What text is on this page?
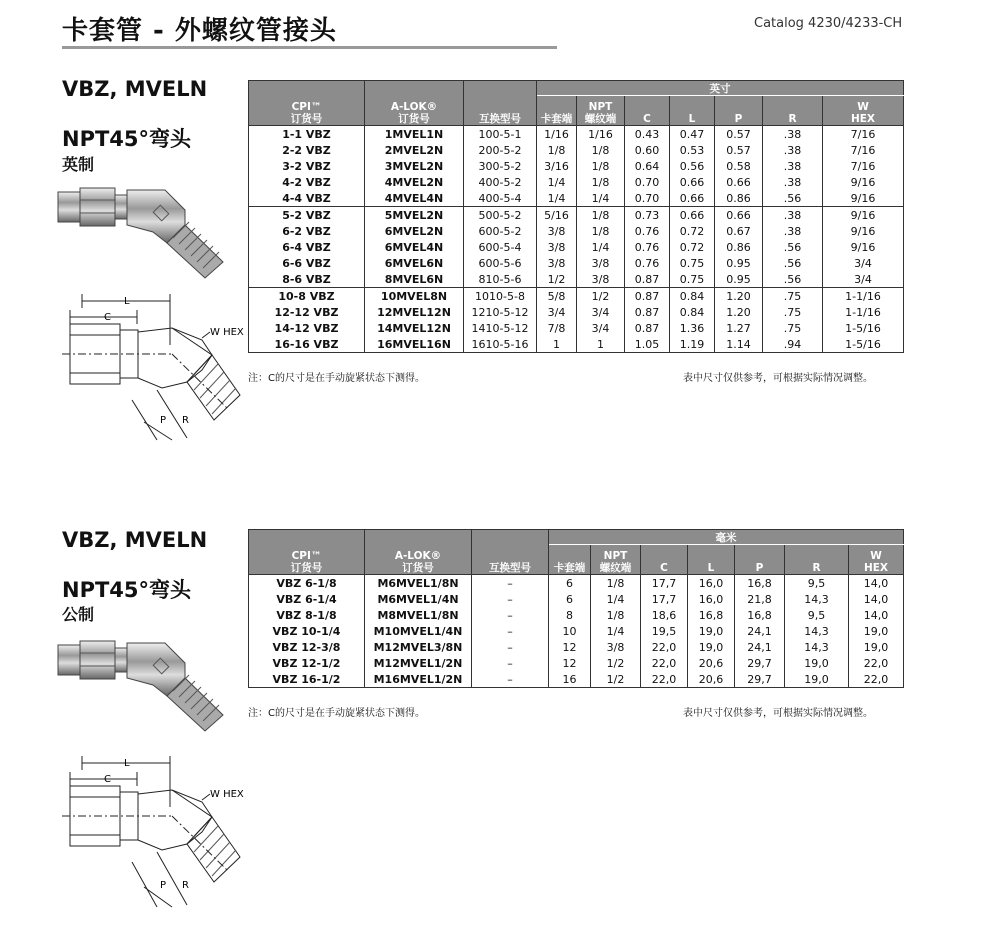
卡套管 - 外螺纹管接头	Catalog 4230/4233-CH
VBZ, MVELN
NPT45°弯头
英制
L
C
W HEX
P R
CPI™
订货号	A-LOK®
订货号	互换型号	英寸						
			卡套端	NPT
螺纹端	C	L	P	R	W
HEX
1-1 VBZ	1MVEL1N	100-5-1	1/16	1/16	0.43	0.47	0.57	.38	7/16
2-2 VBZ	2MVEL2N	200-5-2	1/8	1/8	0.60	0.53	0.57	.38	7/16
3-2 VBZ	3MVEL2N	300-5-2	3/16	1/8	0.64	0.56	0.58	.38	7/16
4-2 VBZ	4MVEL2N	400-5-2	1/4	1/8	0.70	0.66	0.66	.38	9/16
4-4 VBZ	4MVEL4N	400-5-4	1/4	1/4	0.70	0.66	0.86	.56	9/16
5-2 VBZ	5MVEL2N	500-5-2	5/16	1/8	0.73	0.66	0.66	.38	9/16
6-2 VBZ	6MVEL2N	600-5-2	3/8	1/8	0.76	0.72	0.67	.38	9/16
6-4 VBZ	6MVEL4N	600-5-4	3/8	1/4	0.76	0.72	0.86	.56	9/16
6-6 VBZ	6MVEL6N	600-5-6	3/8	3/8	0.76	0.75	0.95	.56	3/4
8-6 VBZ	8MVEL6N	810-5-6	1/2	3/8	0.87	0.75	0.95	.56	3/4
10-8 VBZ	10MVEL8N	1010-5-8	5/8	1/2	0.87	0.84	1.20	.75	1-1/16
12-12 VBZ	12MVEL12N	1210-5-12	3/4	3/4	0.87	0.84	1.20	.75	1-1/16
14-12 VBZ	14MVEL12N	1410-5-12	7/8	3/4	0.87	1.36	1.27	.75	1-5/16
16-16 VBZ	16MVEL16N	1610-5-16	1	1	1.05	1.19	1.14	.94	1-5/16
注：C的尺寸是在手动旋紧状态下测得。	表中尺寸仅供参考，可根据实际情况调整。
VBZ, MVELN
NPT45°弯头
公制
L
C
W HEX
P R
CPI™
订货号	A-LOK®
订货号	互换型号	毫米						
			卡套端	NPT
螺纹端	C	L	P	R	W
HEX
VBZ 6-1/8	M6MVEL1/8N	–	6	1/8	17,7	16,0	16,8	9,5	14,0
VBZ 6-1/4	M6MVEL1/4N	–	6	1/4	17,7	16,0	21,8	14,3	14,0
VBZ 8-1/8	M8MVEL1/8N	–	8	1/8	18,6	16,8	16,8	9,5	14,0
VBZ 10-1/4	M10MVEL1/4N	–	10	1/4	19,5	19,0	24,1	14,3	19,0
VBZ 12-3/8	M12MVEL3/8N	–	12	3/8	22,0	19,0	24,1	14,3	19,0
VBZ 12-1/2	M12MVEL1/2N	–	12	1/2	22,0	20,6	29,7	19,0	22,0
VBZ 16-1/2	M16MVEL1/2N	–	16	1/2	22,0	20,6	29,7	19,0	22,0
注：C的尺寸是在手动旋紧状态下测得。	表中尺寸仅供参考，可根据实际情况调整。
